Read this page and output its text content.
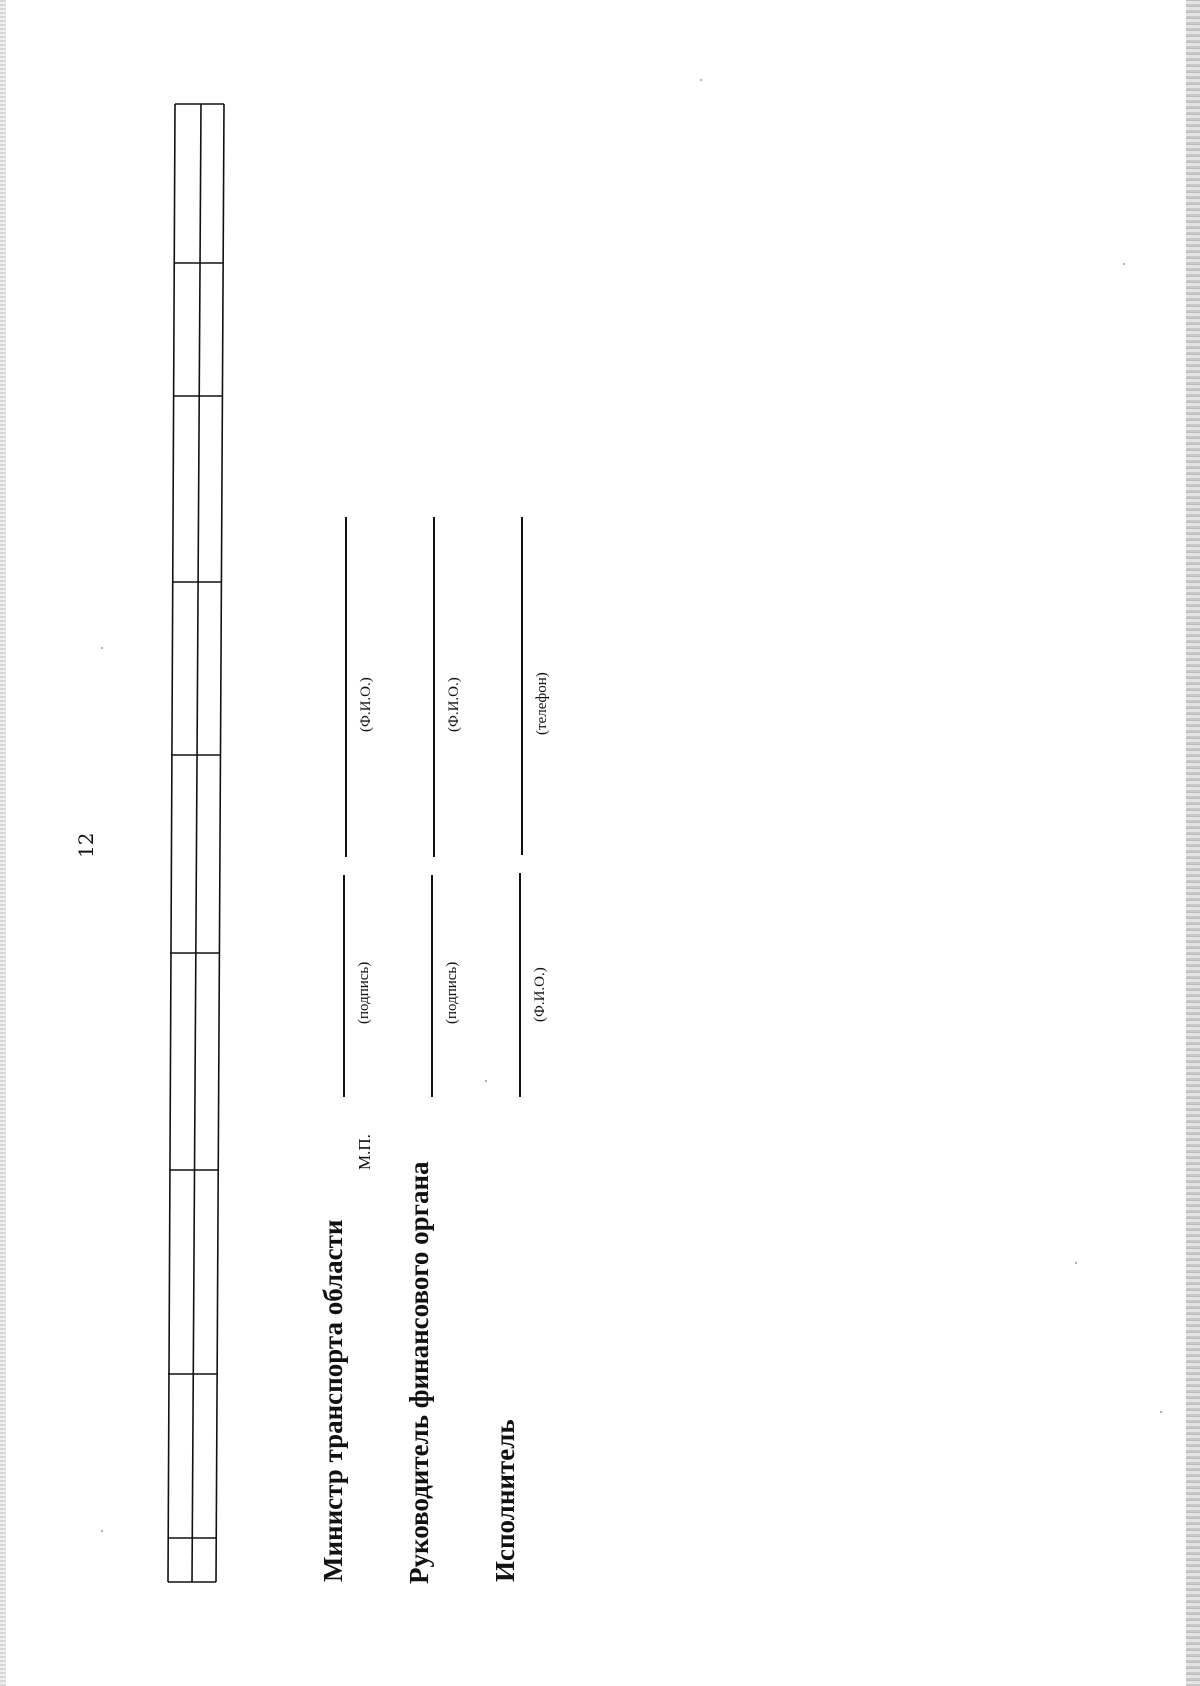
12
Министр транспорта области
М.П.
(подпись)
(Ф.И.О.)
Руководитель финансового органа
(подпись)
(Ф.И.О.)
Исполнитель
(Ф.И.О.)
(телефон)
